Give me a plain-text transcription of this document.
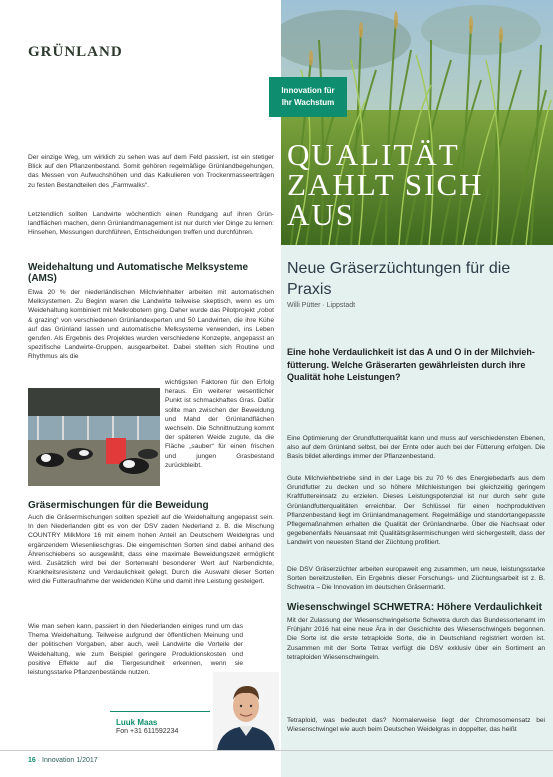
GRÜNLAND
Innovation für
Ihr Wachstum
QUALITÄT
ZAHLT SICH
AUS
Neue Gräserzüchtungen für die Praxis
Willi Pütter · Lippstadt
Eine hohe Verdaulichkeit ist das A und O in der Milchviehfütterung. Welche Gräserarten gewährleisten durch ihre Qualität hohe Leistungen?
Eine Optimierung der Grundfutterqualität kann und muss auf verschiedensten Ebenen, also auf dem Grünland selbst, bei der Ernte oder auch bei der Fütterung erfolgen. Die Basis bildet allerdings immer der Pflanzenbestand.
Gute Milchviehbetriebe sind in der Lage bis zu 70 % des Energiebedarfs aus dem Grundfutter zu decken und so höhere Milchleistungen bei gleichzeitig geringem Kraftfuttereinsatz zu erzielen. Dieses Leistungspotenzial ist nur durch sehr gute Grünlandfutterqualitäten erreichbar. Der Schlüssel für einen hochproduktiven Pflanzenbestand liegt im Grünlandmanagement. Regelmäßige und standortangepasste Pflegemaßnahmen erhalten die Qualität der Grünlandnarbe. Über die Nachsaat oder gegebenenfalls Neuansaat mit Qualitätsgräsermischungen wird sichergestellt, dass der Landwirt von neuesten Stand der Züchtung profitiert.
Die DSV Gräserzüchter arbeiten europaweit eng zusammen, um neue, leistungsstarke Sorten bereitzustellen. Ein Ergebnis dieser Forschungs- und Züchtungsarbeit ist z. B. Schwetra – Die Innovation im deutschen Gräsermarkt.
Wiesenschwingel SCHWETRA: Höhere Verdaulichkeit
Mit der Zulassung der Wiesenschwingelsorte Schwetra durch das Bundessortenamt im Frühjahr 2016 hat eine neue Ära in der Geschichte des Wiesenschwingels begonnen. Die Sorte ist die erste tetraploide Sorte, die in Deutschland registriert worden ist. Zusammen mit der Sorte Tetrax verfügt die DSV exklusiv über ein Sortiment an tetraploiden Wiesenschwingeln.
Tetraploid, was bedeutet das? Normalerweise liegt der Chromosomensatz bei Wiesenschwingel wie auch beim Deutschen Weidelgras in doppelter, das heißt
Der einzige Weg, um wirklich zu sehen was auf dem Feld passiert, ist ein stetiger Blick auf den Pflanzenbestand. Somit gehören regelmäßige Grünlandbegehungen, das Messen von Aufwuchshöhen und das Kalkulieren von Trockenmasseerträgen zu festen Bestandteilen des „Farmwalks“.
Letztendlich sollten Landwirte wöchentlich einen Rundgang auf ihren Grünlandflächen machen, denn Grünlandmanagement ist nur durch vier Dinge zu lernen: Hinsehen, Messungen durchführen, Entscheidungen treffen und durchführen.
Weidehaltung und Automatische Melksysteme (AMS)
Etwa 20 % der niederländischen Milchviehhalter arbeiten mit automatischen Melksystemen. Zu Beginn waren die Landwirte teilweise skeptisch, wenn es um Weidehaltung kombiniert mit Melkrobotern ging. Daher wurde das Pilotprojekt „robot & grazing“ von verschiedenen Grünlandexperten und 50 Landwirten, die ihre Kühe auf das Grünland lassen und automatische Melksysteme verwenden, ins Leben gerufen. Als Ergebnis des Projektes wurden verschiedene Konzepte, angepasst an spezifische Landwirte-Gruppen, ausgearbeitet. Dabei stellten sich Routine und Rhythmus als die
wichtigsten Faktoren für den Erfolg heraus. Ein weiterer wesentlicher Punkt ist schmackhaftes Gras. Dafür sollte man zwischen der Beweidung und Mahd der Grünlandflächen wechseln. Die Schnittnutzung kommt der späteren Weide zugute, da die Fläche „sauber“ für einen frischen und jungen Grasbestand zurückbleibt.
Gräsermischungen für die Beweidung
Auch die Gräsermischungen sollten speziell auf die Weidehaltung angepasst sein. In den Niederlanden gibt es von der DSV zaden Nederland z. B. die Mischung COUNTRY MilkMore 16 mit einem hohen Anteil an Deutschem Weidelgras und ergänzendem Wiesenlieschgras. Die eingemischten Sorten sind dabei anhand des Ährenschiebens so ausgewählt, dass eine maximale Beweidungszeit ermöglicht wird. Zusätzlich wird bei der Sortenwahl besonderer Wert auf Narbendichte, Krankheitsresistenz und Verdaulichkeit gelegt. Durch die Auswahl dieser Sorten wird die Futteraufnahme der weidenden Kühe und damit ihre Leistung gesteigert.
Wie man sehen kann, passiert in den Niederlanden einiges rund um das Thema Weidehaltung. Teilweise aufgrund der öffentlichen Meinung und der politischen Vorgaben, aber auch, weil Landwirte die Vorteile der Weidehaltung, wie zum Beispiel geringere Produktionskosten und positive Effekte auf die Tiergesundheit erkennen, wenn sie leistungsstarke Pflanzenbestände nutzen.
Luuk Maas
Fon +31 611592234
16 · Innovation 1/2017
